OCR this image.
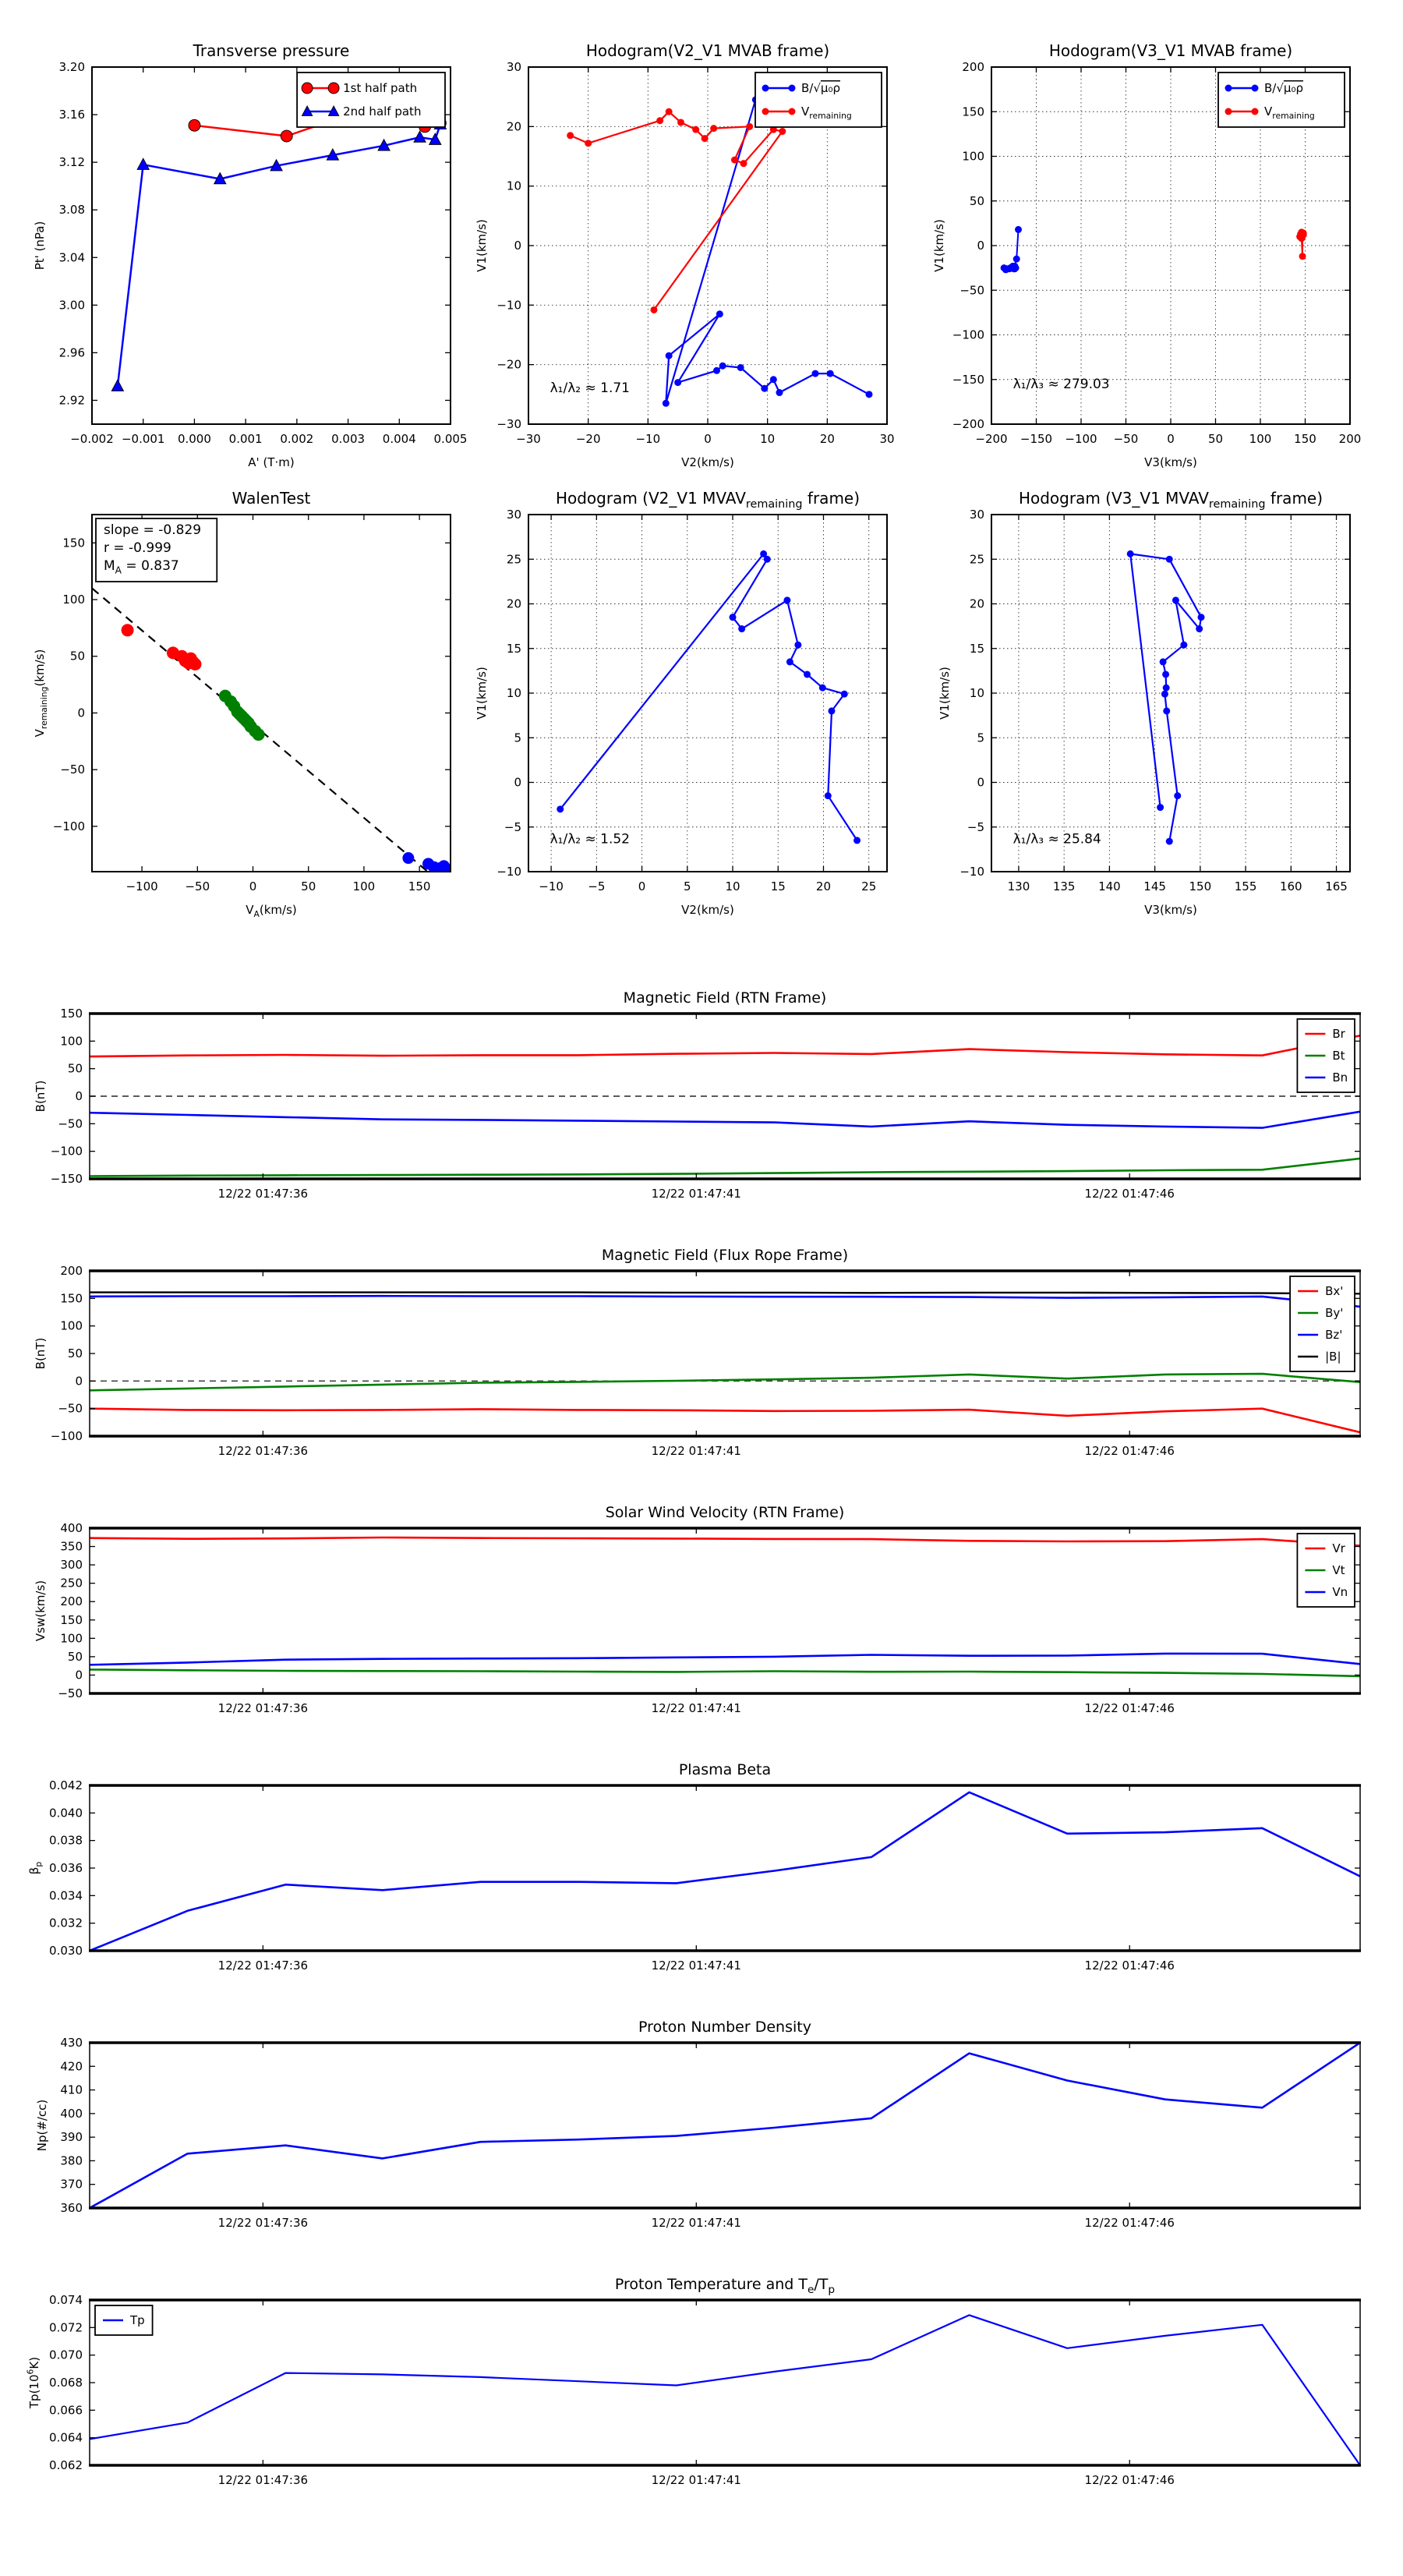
−0.002 −0.001 0.000 0.001 0.002 0.003 0.004 0.005
2.92
2.96
3.00
3.04
3.08
3.12
3.16
3.20
Transverse pressure
A' (T·m)
Pt' (nPa)
1st half path
2nd half path
−30	−20	−10	0	10	20	30
−30
−20
−10
0
10
20
30
Hodogram(V2_V1 MVAB frame)
V2(km/s)
V1(km/s)
λ₁/λ₂ ≈ 1.71
B/√μ₀ρ
$V_{remaining}$
−200 −150 −100 −50 0	50 100 150 200
−200
−150
−100
−50
0
50
100
150
200
Hodogram(V3_V1 MVAB frame)
V3(km/s)
V1(km/s)
λ₁/λ₃ ≈ 279.03
B/√μ₀ρ
$V_{remaining}$
−100 −50	0	50	100	150
150
100
50
0
−50
−100
WalenTest
$V_A(km/s)$
$V_{remaining}(km/s)$
slope = -0.829
r = -0.999
$M_A = 0.837$
−10 −5	0	5	10	15	20	25
−10
−5
0
5
10
15
20
25
30
Hodogram (V2_V1 $MVAV_{remaining}$ frame)
V2(km/s)
V1(km/s)
λ₁/λ₂ ≈ 1.52
130 135 140 145 150 155 160 165
−10
−5
0
5
10
15
20
25
30
Hodogram (V3_V1 $MVAV_{remaining}$ frame)
V3(km/s)
V1(km/s)
λ₁/λ₃ ≈ 25.84
12/22 01:47:36	12/22 01:47:41	12/22 01:47:46
−150
−100
−50
0
50
100
150
Magnetic Field (RTN Frame)
B(nT)
Br
Bt
Bn
12/22 01:47:36	12/22 01:47:41	12/22 01:47:46
−100
−50
0
50
100
150
200
Magnetic Field (Flux Rope Frame)
B(nT)
Bx'
By'
Bz'
|B|
12/22 01:47:36	12/22 01:47:41	12/22 01:47:46
−50
0
50
100
150
200
250
300
350
400
Solar Wind Velocity (RTN Frame)
Vsw(km/s)
Vr
Vt
Vn
12/22 01:47:36	12/22 01:47:41	12/22 01:47:46
0.030
0.032
0.034
0.036
0.038
0.040
0.042
Plasma Beta
$\beta_p$
12/22 01:47:36	12/22 01:47:41	12/22 01:47:46
360
370
380
390
400
410
420
430
Proton Number Density
Np(#/cc)
12/22 01:47:36	12/22 01:47:41	12/22 01:47:46
0.062
0.064
0.066
0.068
0.070
0.072
0.074
Proton Temperature and $T_e/T_p$
$Tp(10^6K)$
Tp
